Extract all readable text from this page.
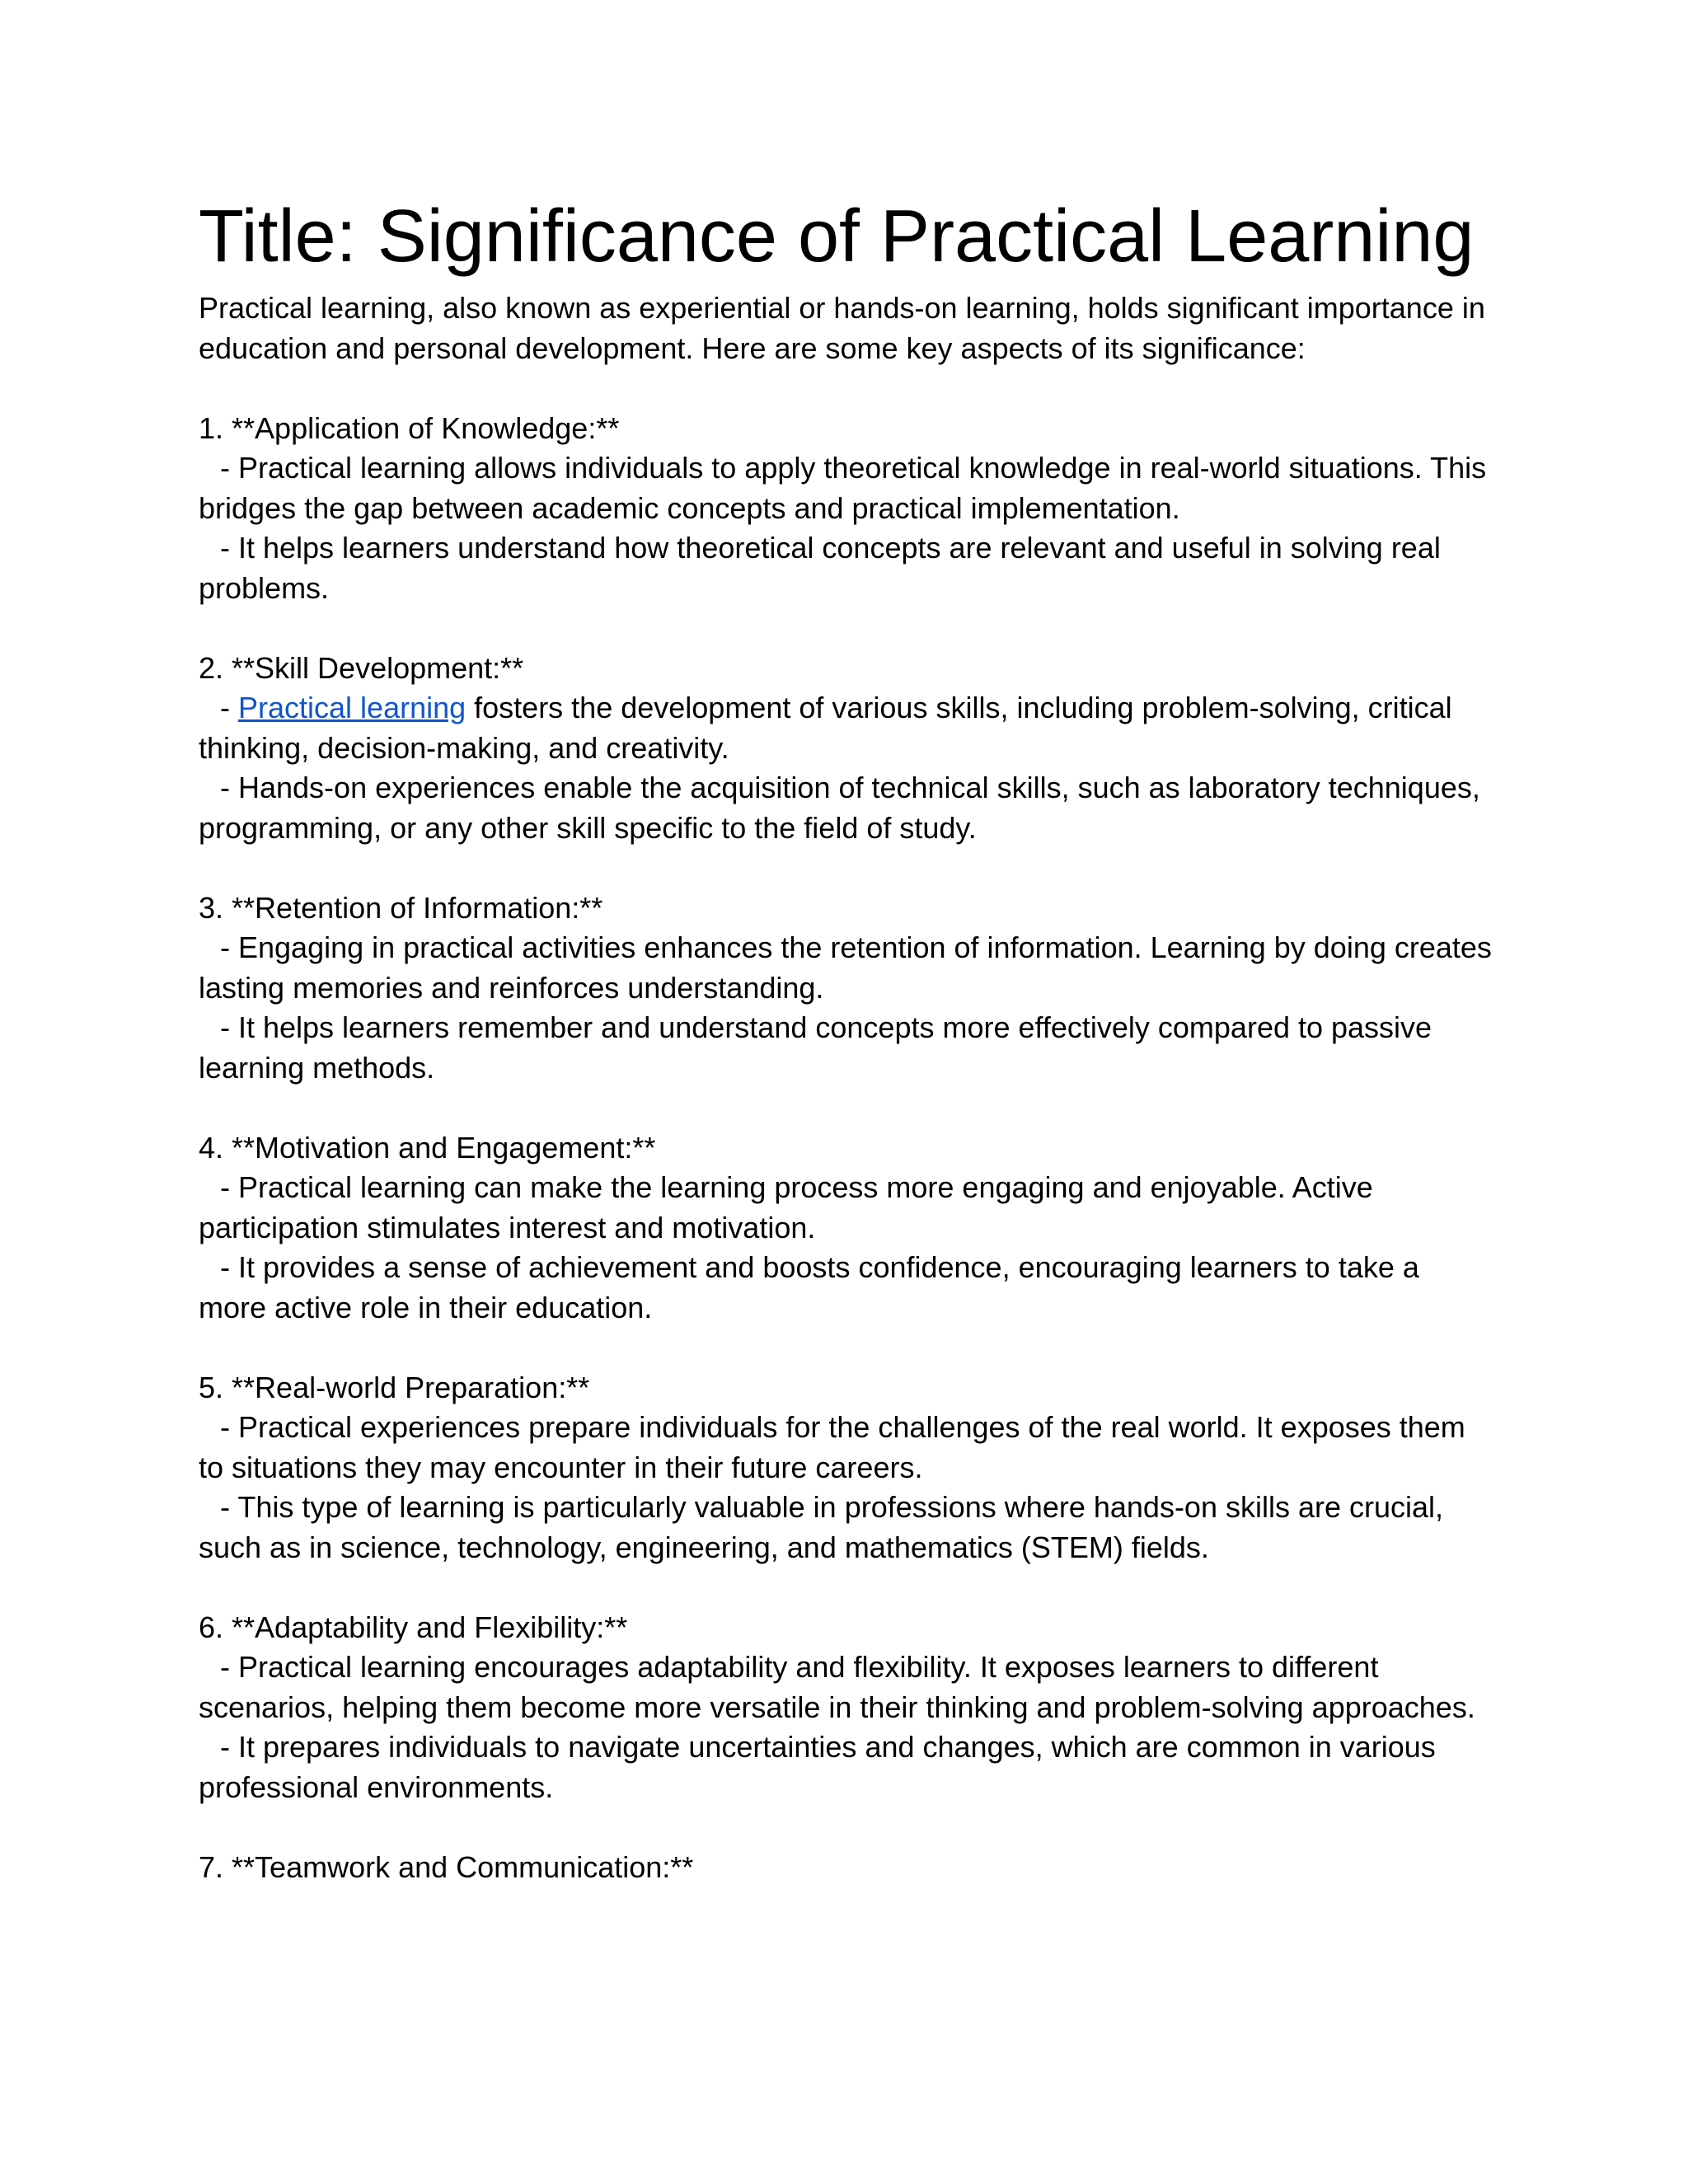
Title: Significance of Practical Learning
Practical learning, also known as experiential or hands-on learning, holds significant importance in education and personal development. Here are some key aspects of its significance:
1. **Application of Knowledge:**
- Practical learning allows individuals to apply theoretical knowledge in real-world situations. This bridges the gap between academic concepts and practical implementation.
- It helps learners understand how theoretical concepts are relevant and useful in solving real problems.
2. **Skill Development:**
- Practical learning fosters the development of various skills, including problem-solving, critical thinking, decision-making, and creativity.
- Hands-on experiences enable the acquisition of technical skills, such as laboratory techniques, programming, or any other skill specific to the field of study.
3. **Retention of Information:**
- Engaging in practical activities enhances the retention of information. Learning by doing creates lasting memories and reinforces understanding.
- It helps learners remember and understand concepts more effectively compared to passive learning methods.
4. **Motivation and Engagement:**
- Practical learning can make the learning process more engaging and enjoyable. Active participation stimulates interest and motivation.
- It provides a sense of achievement and boosts confidence, encouraging learners to take a more active role in their education.
5. **Real-world Preparation:**
- Practical experiences prepare individuals for the challenges of the real world. It exposes them to situations they may encounter in their future careers.
- This type of learning is particularly valuable in professions where hands-on skills are crucial, such as in science, technology, engineering, and mathematics (STEM) fields.
6. **Adaptability and Flexibility:**
- Practical learning encourages adaptability and flexibility. It exposes learners to different scenarios, helping them become more versatile in their thinking and problem-solving approaches.
- It prepares individuals to navigate uncertainties and changes, which are common in various professional environments.
7. **Teamwork and Communication:**
